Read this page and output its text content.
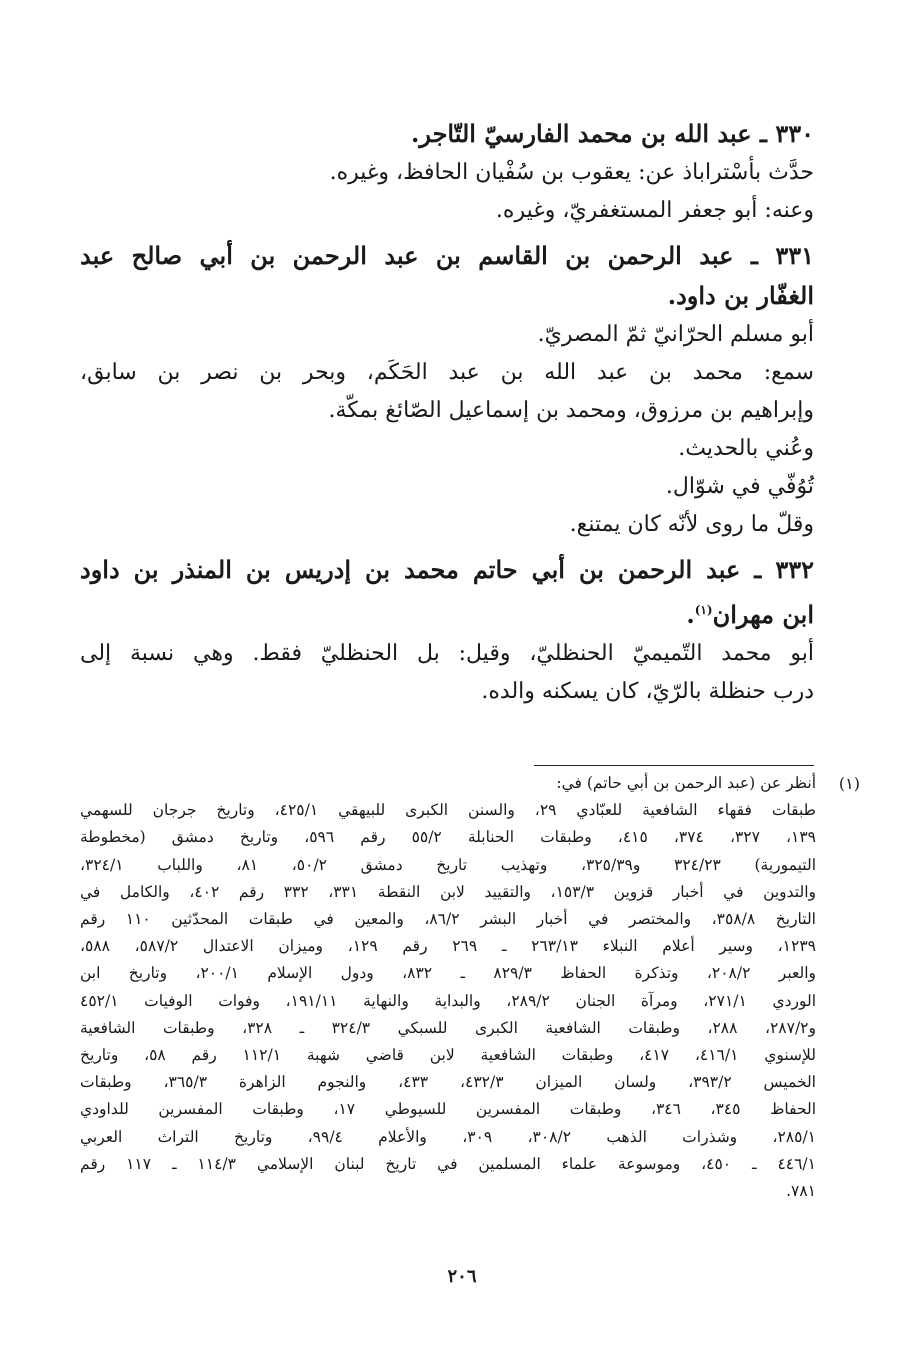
٣٣٠ ـ عبد الله بن محمد الفارسيّ التّاجر.
حدَّث بأسْتراباذ عن: يعقوب بن سُفْيان الحافظ، وغيره.
وعنه: أبو جعفر المستغفريّ، وغيره.
٣٣١ ـ عبد الرحمن بن القاسم بن عبد الرحمن بن أبي صالح عبد
الغفّار بن داود.
أبو مسلم الحرّانيّ ثمّ المصريّ.
سمع: محمد بن عبد الله بن عبد الحَكَم، وبحر بن نصر بن سابق،
وإبراهيم بن مرزوق، ومحمد بن إسماعيل الصّائغ بمكّة.
وعُني بالحديث.
تُوُفّي في شوّال.
وقلّ ما روى لأنّه كان يمتنع.
٣٣٢ ـ عبد الرحمن بن أبي حاتم محمد بن إدريس بن المنذر بن داود
ابن مهران$^{(١)}$.
أبو محمد التّميميّ الحنظليّ، وقيل: بل الحنظليّ فقط. وهي نسبة إلى
درب حنظلة بالرّيّ، كان يسكنه والده.
(١)
أنظر عن (عبد الرحمن بن أبي حاتم) في:
طبقات فقهاء الشافعية للعبّادي ٢٩، والسنن الكبرى للبيهقي ٤٢٥/١، وتاريخ جرجان للسهمي
١٣٩، ٣٢٧، ٣٧٤، ٤١٥، وطبقات الحنابلة ٥٥/٢ رقم ٥٩٦، وتاريخ دمشق (مخطوطة
التيمورية) ٣٢٤/٢٣ و٣٢٥/٣٩، وتهذيب تاريخ دمشق ٥٠/٢، ٨١، واللباب ٣٢٤/١،
والتدوين في أخبار قزوين ١٥٣/٣، والتقييد لابن النقطة ٣٣١، ٣٣٢ رقم ٤٠٢، والكامل في
التاريخ ٣٥٨/٨، والمختصر في أخبار البشر ٨٦/٢، والمعين في طبقات المحدّثين ١١٠ رقم
١٢٣٩، وسير أعلام النبلاء ٢٦٣/١٣ ـ ٢٦٩ رقم ١٢٩، وميزان الاعتدال ٥٨٧/٢، ٥٨٨،
والعبر ٢٠٨/٢، وتذكرة الحفاظ ٨٢٩/٣ ـ ٨٣٢، ودول الإسلام ٢٠٠/١، وتاريخ ابن
الوردي ٢٧١/١، ومرآة الجنان ٢٨٩/٢، والبداية والنهاية ١٩١/١١، وفوات الوفيات ٤٥٢/١
و٢٨٧/٢، ٢٨٨، وطبقات الشافعية الكبرى للسبكي ٣٢٤/٣ ـ ٣٢٨، وطبقات الشافعية
للإسنوي ٤١٦/١، ٤١٧، وطبقات الشافعية لابن قاضي شهبة ١١٢/١ رقم ٥٨، وتاريخ
الخميس ٣٩٣/٢، ولسان الميزان ٤٣٢/٣، ٤٣٣، والنجوم الزاهرة ٣٦٥/٣، وطبقات
الحفاظ ٣٤٥، ٣٤٦، وطبقات المفسرين للسيوطي ١٧، وطبقات المفسرين للداودي
٢٨٥/١، وشذرات الذهب ٣٠٨/٢، ٣٠٩، والأعلام ٩٩/٤، وتاريخ التراث العربي
٤٤٦/١ ـ ٤٥٠، وموسوعة علماء المسلمين في تاريخ لبنان الإسلامي ١١٤/٣ ـ ١١٧ رقم
٧٨١.
٢٠٦
